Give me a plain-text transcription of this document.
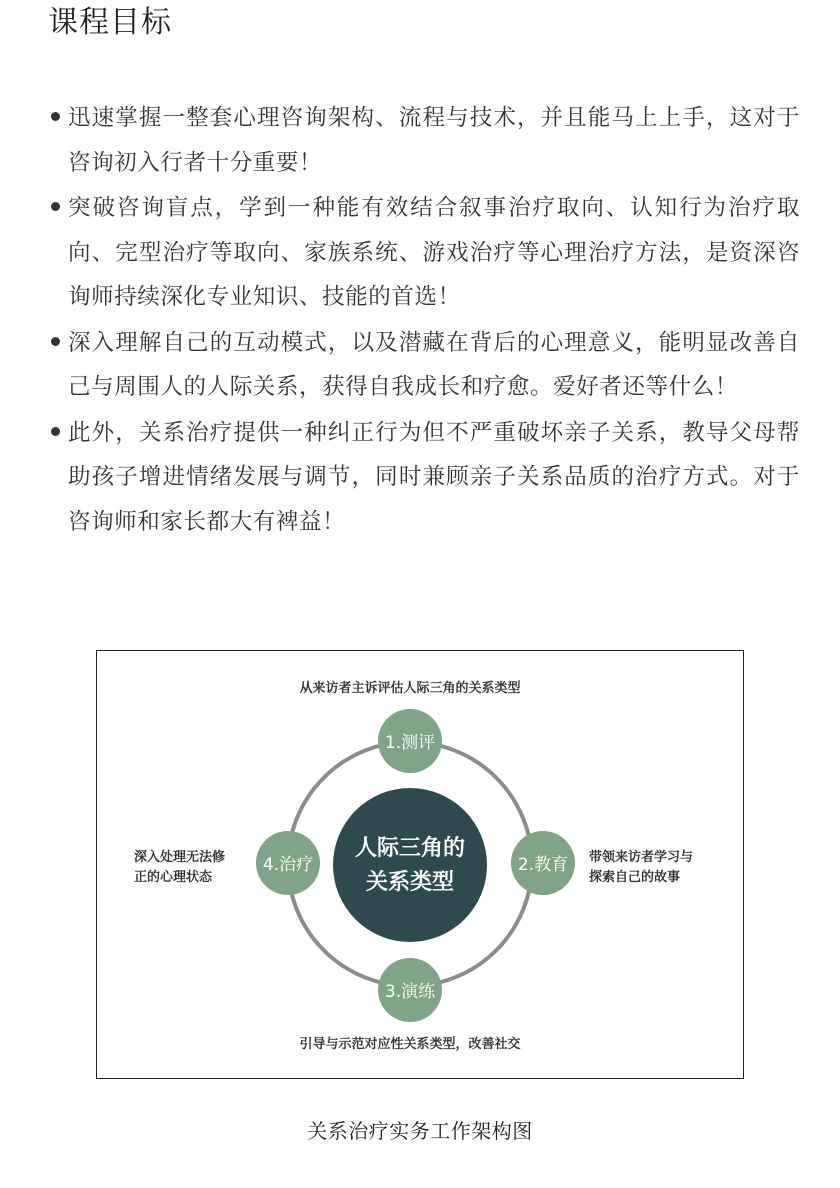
课程目标
迅速掌握一整套心理咨询架构、流程与技术，并且能马上上手，这对于咨询初入行者十分重要！
突破咨询盲点，学到一种能有效结合叙事治疗取向、认知行为治疗取向、完型治疗等取向、家族系统、游戏治疗等心理治疗方法，是资深咨询师持续深化专业知识、技能的首选！
深入理解自己的互动模式，以及潜藏在背后的心理意义，能明显改善自己与周围人的人际关系，获得自我成长和疗愈。爱好者还等什么！
此外，关系治疗提供一种纠正行为但不严重破坏亲子关系，教导父母帮助孩子增进情绪发展与调节，同时兼顾亲子关系品质的治疗方式。对于咨询师和家长都大有裨益！
人际三角的
关系类型
从来访者主诉评估人际三角的关系类型
1.测评
2.教育 带领来访者学习与
探索自己的故事
3.演练
引导与示范对应性关系类型，改善社交
4.治疗
深入处理无法修
正的心理状态
关系治疗实务工作架构图
